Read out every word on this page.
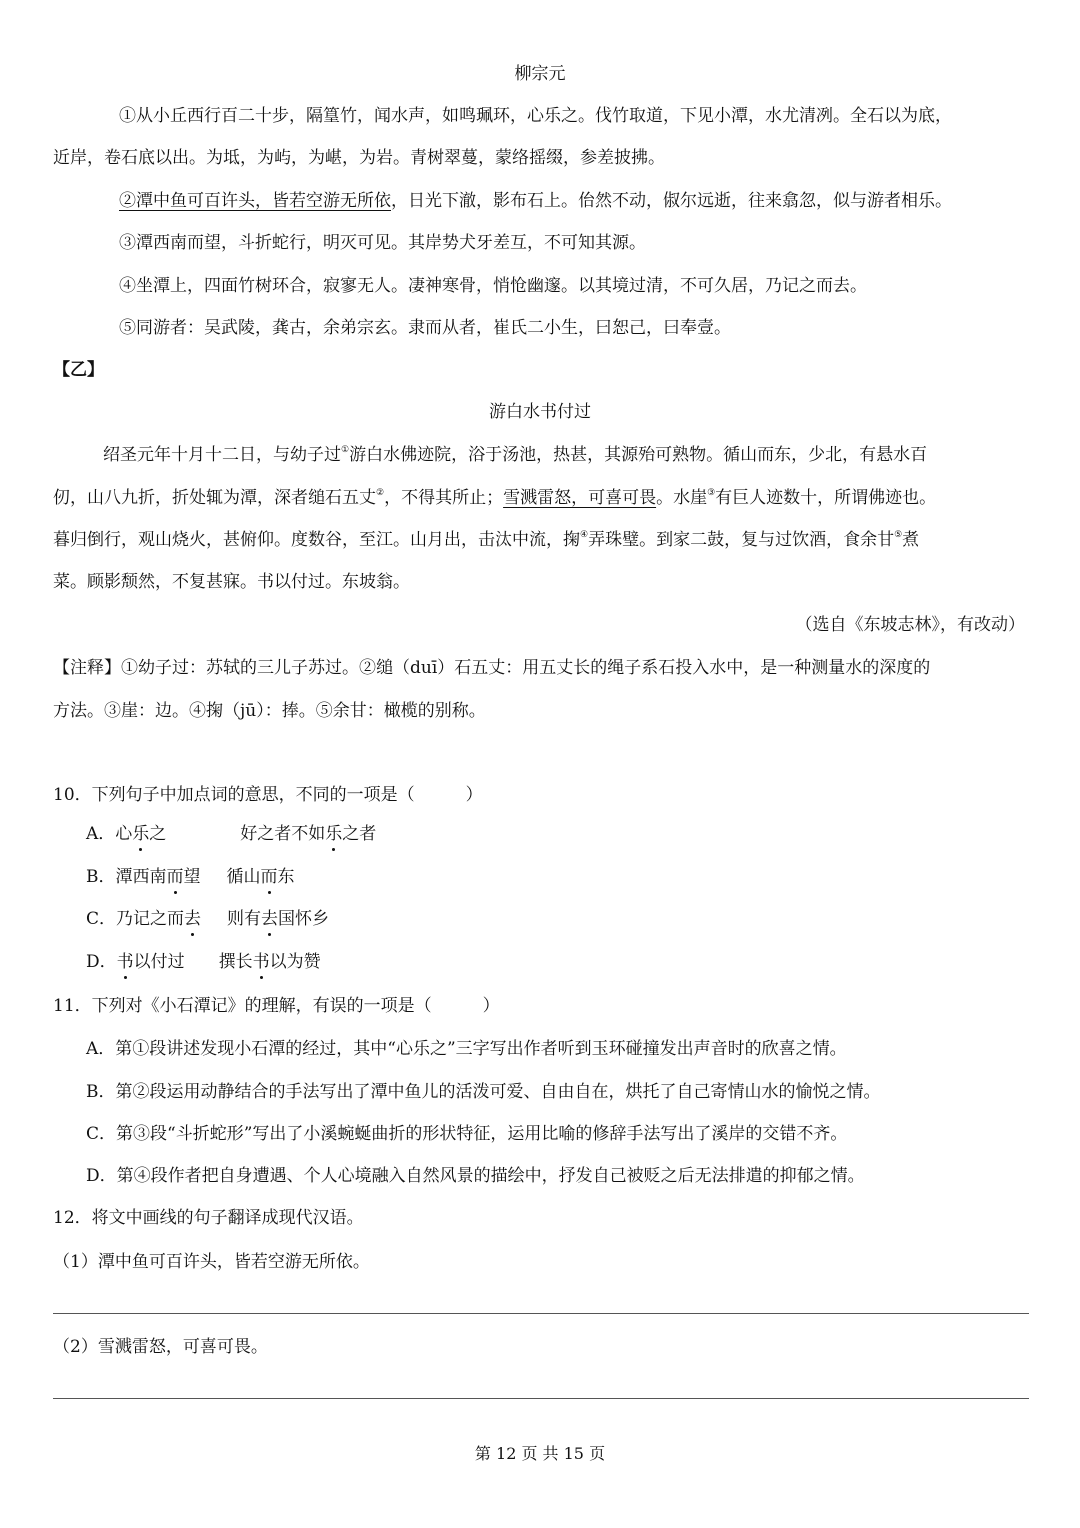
柳宗元
①从小丘西行百二十步，隔篁竹，闻水声，如鸣珮环，心乐之。伐竹取道，下见小潭，水尤清冽。全石以为底，
近岸，卷石底以出。为坻，为屿，为嵁，为岩。青树翠蔓，蒙络摇缀，参差披拂。
②潭中鱼可百许头，皆若空游无所依，日光下澈，影布石上。佁然不动，俶尔远逝，往来翕忽，似与游者相乐。
③潭西南而望，斗折蛇行，明灭可见。其岸势犬牙差互，不可知其源。
④坐潭上，四面竹树环合，寂寥无人。凄神寒骨，悄怆幽邃。以其境过清，不可久居，乃记之而去。
⑤同游者：吴武陵，龚古，余弟宗玄。隶而从者，崔氏二小生，曰恕己，曰奉壹。
【乙】
游白水书付过
绍圣元年十月十二日，与幼子过①游白水佛迹院，浴于汤池，热甚，其源殆可熟物。循山而东，少北，有悬水百
仞，山八九折，折处辄为潭，深者缒石五丈②，不得其所止；雪溅雷怒，可喜可畏。水崖③有巨人迹数十，所谓佛迹也。
暮归倒行，观山烧火，甚俯仰。度数谷，至江。山月出，击汰中流，掬④弄珠璧。到家二鼓，复与过饮酒，食余甘⑤煮
菜。顾影颓然，不复甚寐。书以付过。东坡翁。
（选自《东坡志林》，有改动）
【注释】①幼子过：苏轼的三儿子苏过。②缒（duī）石五丈：用五丈长的绳子系石投入水中，是一种测量水的深度的
方法。③崖：边。④掬（jū）：捧。⑤余甘：橄榄的别称。
10．下列句子中加点词的意思，不同的一项是（　　　）
A．心乐之	好之者不如乐之者
B．潭西南而望 循山而东
C．乃记之而去 则有去国怀乡
D．书以付过 撰长书以为赞
11．下列对《小石潭记》的理解，有误的一项是（　　　）
A．第①段讲述发现小石潭的经过，其中“心乐之”三字写出作者听到玉环碰撞发出声音时的欣喜之情。
B．第②段运用动静结合的手法写出了潭中鱼儿的活泼可爱、自由自在，烘托了自己寄情山水的愉悦之情。
C．第③段“斗折蛇形”写出了小溪蜿蜒曲折的形状特征，运用比喻的修辞手法写出了溪岸的交错不齐。
D．第④段作者把自身遭遇、个人心境融入自然风景的描绘中，抒发自己被贬之后无法排遣的抑郁之情。
12．将文中画线的句子翻译成现代汉语。
（1）潭中鱼可百许头，皆若空游无所依。
（2）雪溅雷怒，可喜可畏。
第 12 页 共 15 页
